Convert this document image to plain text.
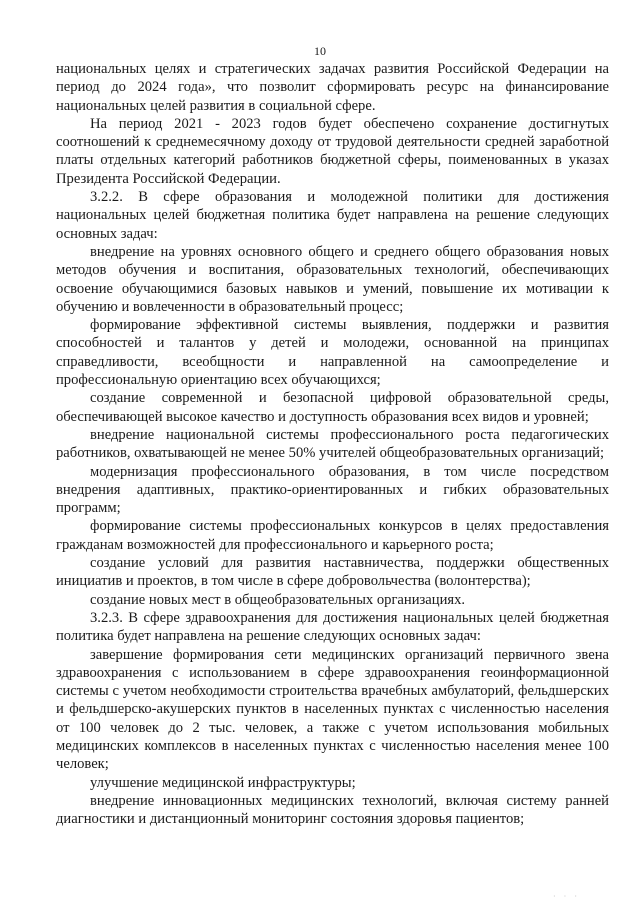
10

национальных целях и стратегических задачах развития Российской Федерации на период до 2024 года», что позволит сформировать ресурс на финансирование национальных целей развития в социальной сфере.

На период 2021 - 2023 годов будет обеспечено сохранение достигнутых соотношений к среднемесячному доходу от трудовой деятельности средней заработной платы отдельных категорий работников бюджетной сферы, поименованных в указах Президента Российской Федерации.

3.2.2. В сфере образования и молодежной политики для достижения национальных целей бюджетная политика будет направлена на решение следующих основных задач:

внедрение на уровнях основного общего и среднего общего образования новых методов обучения и воспитания, образовательных технологий, обеспечивающих освоение обучающимися базовых навыков и умений, повышение их мотивации к обучению и вовлеченности в образовательный процесс;

формирование эффективной системы выявления, поддержки и развития способностей и талантов у детей и молодежи, основанной на принципах справедливости, всеобщности и направленной на самоопределение и профессиональную ориентацию всех обучающихся;

создание современной и безопасной цифровой образовательной среды, обеспечивающей высокое качество и доступность образования всех видов и уровней;

внедрение национальной системы профессионального роста педагогических работников, охватывающей не менее 50% учителей общеобразовательных организаций;

модернизация профессионального образования, в том числе посредством внедрения адаптивных, практико-ориентированных и гибких образовательных программ;

формирование системы профессиональных конкурсов в целях предоставления гражданам возможностей для профессионального и карьерного роста;

создание условий для развития наставничества, поддержки общественных инициатив и проектов, в том числе в сфере добровольчества (волонтерства);

создание новых мест в общеобразовательных организациях.

3.2.3. В сфере здравоохранения для достижения национальных целей бюджетная политика будет направлена на решение следующих основных задач:

завершение формирования сети медицинских организаций первичного звена здравоохранения с использованием в сфере здравоохранения геоинформационной системы с учетом необходимости строительства врачебных амбулаторий, фельдшерских и фельдшерско-акушерских пунктов в населенных пунктах с численностью населения от 100 человек до 2 тыс. человек, а также с учетом использования мобильных медицинских комплексов в населенных пунктах с численностью населения менее 100 человек;

улучшение медицинской инфраструктуры;

внедрение инновационных медицинских технологий, включая систему ранней диагностики и дистанционный мониторинг состояния здоровья пациентов;

· · ·
